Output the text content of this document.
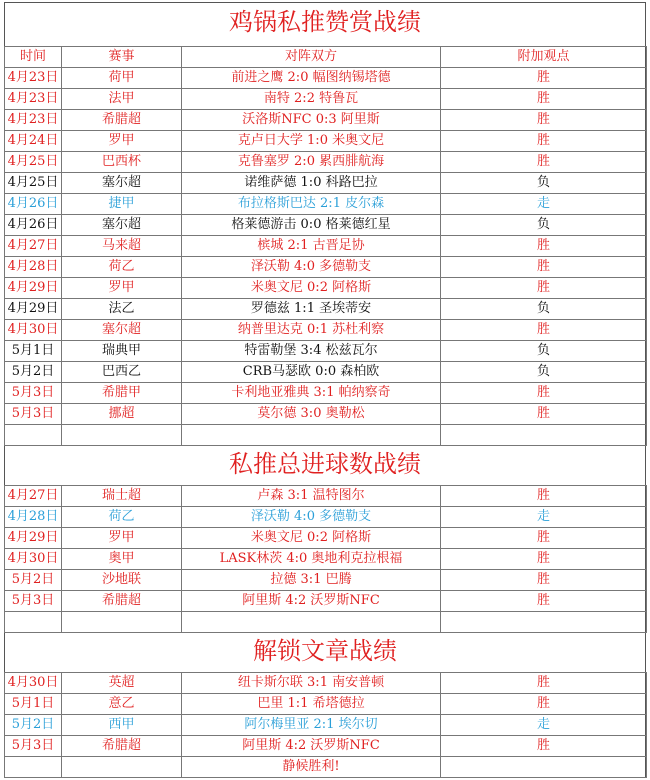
鸡锅私推赞赏战绩
时间	赛事	对阵双方	附加观点
4月23日	荷甲	前进之鹰 2:0 幅图纳锡塔德	胜
4月23日	法甲	南特 2:2 特鲁瓦	胜
4月23日	希腊超	沃洛斯NFC 0:3 阿里斯	胜
4月24日	罗甲	克卢日大学 1:0 米奥文尼	胜
4月25日	巴西杯	克鲁塞罗 2:0 累西腓航海	胜
4月25日	塞尔超	诺维萨德 1:0 科路巴拉	负
4月26日	捷甲	布拉格斯巴达 2:1 皮尔森	走
4月26日	塞尔超	格莱德游击 0:0 格莱德红星	负
4月27日	马来超	槟城 2:1 古晋足协	胜
4月28日	荷乙	泽沃勒 4:0 多德勒支	胜
4月29日	罗甲	米奥文尼 0:2 阿格斯	胜
4月29日	法乙	罗德兹 1:1 圣埃蒂安	负
4月30日	塞尔超	纳普里达克 0:1 苏杜利察	胜
5月1日	瑞典甲	特雷勒堡 3:4 松兹瓦尔	负
5月2日	巴西乙	CRB马瑟欧 0:0 森柏欧	负
5月3日	希腊甲	卡利地亚雅典 3:1 帕纳察奇	胜
5月3日	挪超	莫尔德 3:0 奥勒松	胜

私推总进球数战绩
4月27日	瑞士超	卢森 3:1 温特图尔	胜
4月28日	荷乙	泽沃勒 4:0 多德勒支	走
4月29日	罗甲	米奥文尼 0:2 阿格斯	胜
4月30日	奥甲	LASK林茨 4:0 奥地利克拉根福	胜
5月2日	沙地联	拉德 3:1 巴腾	胜
5月3日	希腊超	阿里斯 4:2 沃罗斯NFC	胜

解锁文章战绩
4月30日	英超	纽卡斯尔联 3:1 南安普顿	胜
5月1日	意乙	巴里 1:1 希塔德拉	胜
5月2日	西甲	阿尔梅里亚 2:1 埃尔切	走
5月3日	希腊超	阿里斯 4:2 沃罗斯NFC	胜
		静候胜利!	
